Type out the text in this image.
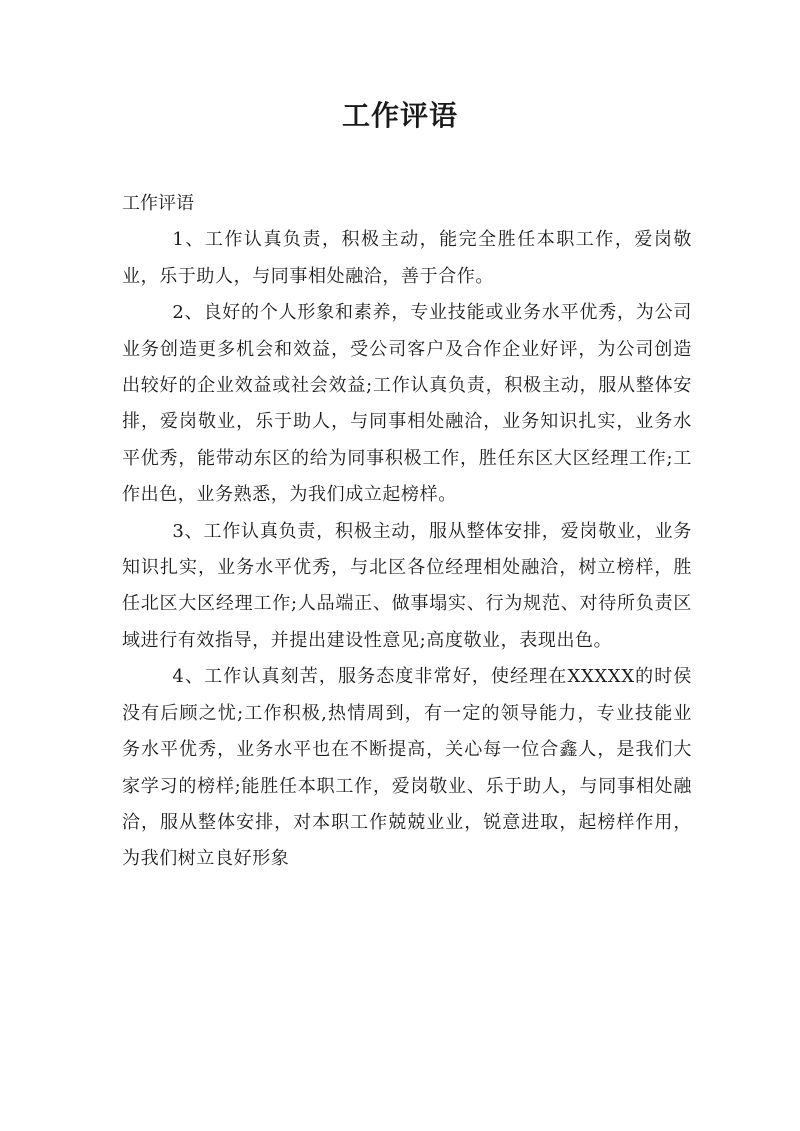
工作评语

工作评语

1、工作认真负责，积极主动，能完全胜任本职工作，爱岗敬业，乐于助人，与同事相处融洽，善于合作。

2、良好的个人形象和素养，专业技能或业务水平优秀，为公司业务创造更多机会和效益，受公司客户及合作企业好评，为公司创造出较好的企业效益或社会效益;工作认真负责，积极主动，服从整体安排，爱岗敬业，乐于助人，与同事相处融洽，业务知识扎实，业务水平优秀，能带动东区的给为同事积极工作，胜任东区大区经理工作;工作出色，业务熟悉，为我们成立起榜样。

3、工作认真负责，积极主动，服从整体安排，爱岗敬业，业务知识扎实，业务水平优秀，与北区各位经理相处融洽，树立榜样，胜任北区大区经理工作;人品端正、做事塌实、行为规范、对待所负责区域进行有效指导，并提出建设性意见;高度敬业，表现出色。

4、工作认真刻苦，服务态度非常好，使经理在XXXXX的时侯没有后顾之忧;工作积极,热情周到，有一定的领导能力，专业技能业务水平优秀，业务水平也在不断提高，关心每一位合鑫人，是我们大家学习的榜样;能胜任本职工作，爱岗敬业、乐于助人，与同事相处融洽，服从整体安排，对本职工作兢兢业业，锐意进取，起榜样作用，为我们树立良好形象
